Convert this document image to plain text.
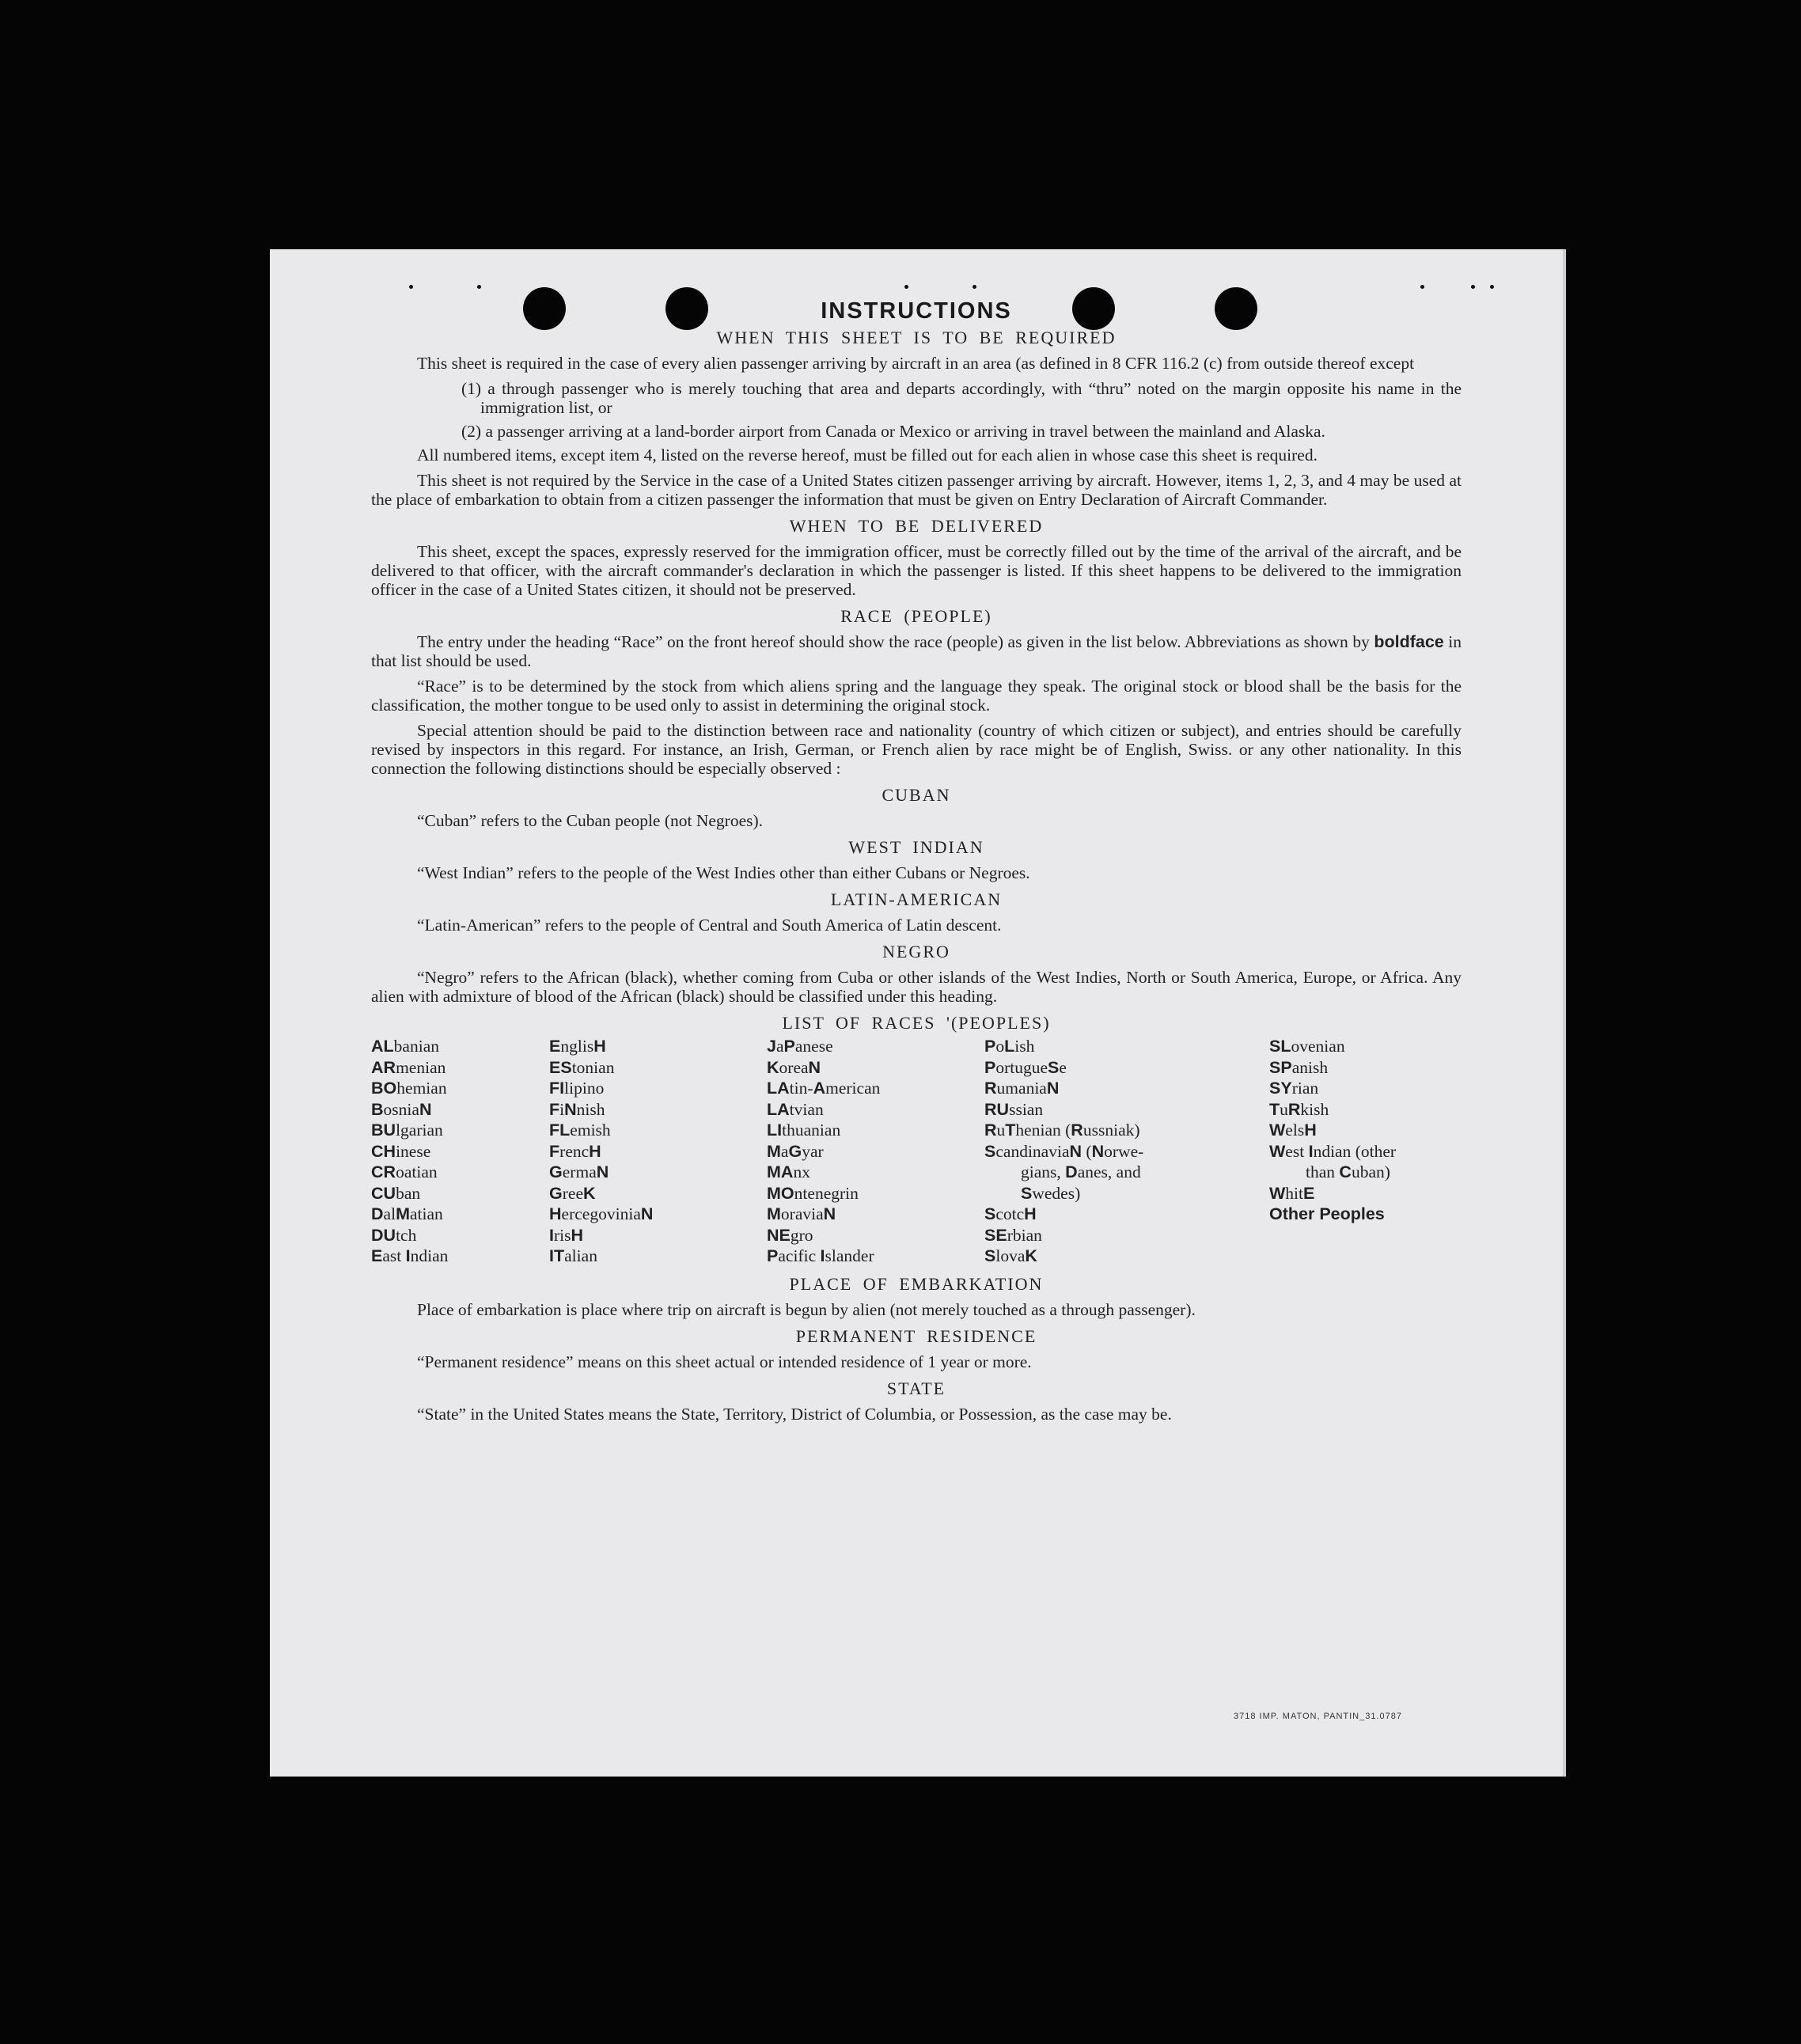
INSTRUCTIONS
WHEN THIS SHEET IS TO BE REQUIRED
This sheet is required in the case of every alien passenger arriving by aircraft in an area (as defined in 8 CFR 116.2 (c) from outside thereof except
(1) a through passenger who is merely touching that area and departs accordingly, with “thru” noted on the margin opposite his name in the immigration list, or
(2) a passenger arriving at a land-border airport from Canada or Mexico or arriving in travel between the mainland and Alaska.
All numbered items, except item 4, listed on the reverse hereof, must be filled out for each alien in whose case this sheet is required.
This sheet is not required by the Service in the case of a United States citizen passenger arriving by aircraft. However, items 1, 2, 3, and 4 may be used at the place of embarkation to obtain from a citizen passenger the information that must be given on Entry Declaration of Aircraft Commander.
WHEN TO BE DELIVERED
This sheet, except the spaces, expressly reserved for the immigration officer, must be correctly filled out by the time of the arrival of the aircraft, and be delivered to that officer, with the aircraft commander's declaration in which the passenger is listed. If this sheet happens to be delivered to the immigration officer in the case of a United States citizen, it should not be preserved.
RACE (PEOPLE)
The entry under the heading “Race” on the front hereof should show the race (people) as given in the list below. Abbreviations as shown by boldface in that list should be used.
“Race” is to be determined by the stock from which aliens spring and the language they speak. The original stock or blood shall be the basis for the classification, the mother tongue to be used only to assist in determining the original stock.
Special attention should be paid to the distinction between race and nationality (country of which citizen or subject), and entries should be carefully revised by inspectors in this regard. For instance, an Irish, German, or French alien by race might be of English, Swiss. or any other nationality. In this connection the following distinctions should be especially observed :
CUBAN
“Cuban” refers to the Cuban people (not Negroes).
WEST INDIAN
“West Indian” refers to the people of the West Indies other than either Cubans or Negroes.
LATIN-AMERICAN
“Latin-American” refers to the people of Central and South America of Latin descent.
NEGRO
“Negro” refers to the African (black), whether coming from Cuba or other islands of the West Indies, North or South America, Europe, or Africa. Any alien with admixture of blood of the African (black) should be classified under this heading.
LIST OF RACES '(PEOPLES)
ALbanian
ARmenian
BOhemian
BosniaN
BUlgarian
CHinese
CRoatian
CUban
DalMatian
DUtch
East Indian
EnglisH
EStonian
FIlipino
FiNnish
FLemish
FrencH
GermaN
GreeK
HercegoviniaN
IrisH
ITalian
JaPanese
KoreaN
LAtin-American
LAtvian
LIthuanian
MaGyar
MAnx
MOntenegrin
MoraviaN
NEgro
Pacific Islander
PoLish
PortugueSe
RumaniaN
RUssian
RuThenian (Russniak)
ScandinaviaN (Norwe-
gians, Danes, and
Swedes)
ScotcH
SErbian
SlovaK
SLovenian
SPanish
SYrian
TuRkish
WelsH
West Indian (other
than Cuban)
WhitE
Other Peoples
PLACE OF EMBARKATION
Place of embarkation is place where trip on aircraft is begun by alien (not merely touched as a through passenger).
PERMANENT RESIDENCE
“Permanent residence” means on this sheet actual or intended residence of 1 year or more.
STATE
“State” in the United States means the State, Territory, District of Columbia, or Possession, as the case may be.
3718 IMP. MATON, PANTIN_31.0787
